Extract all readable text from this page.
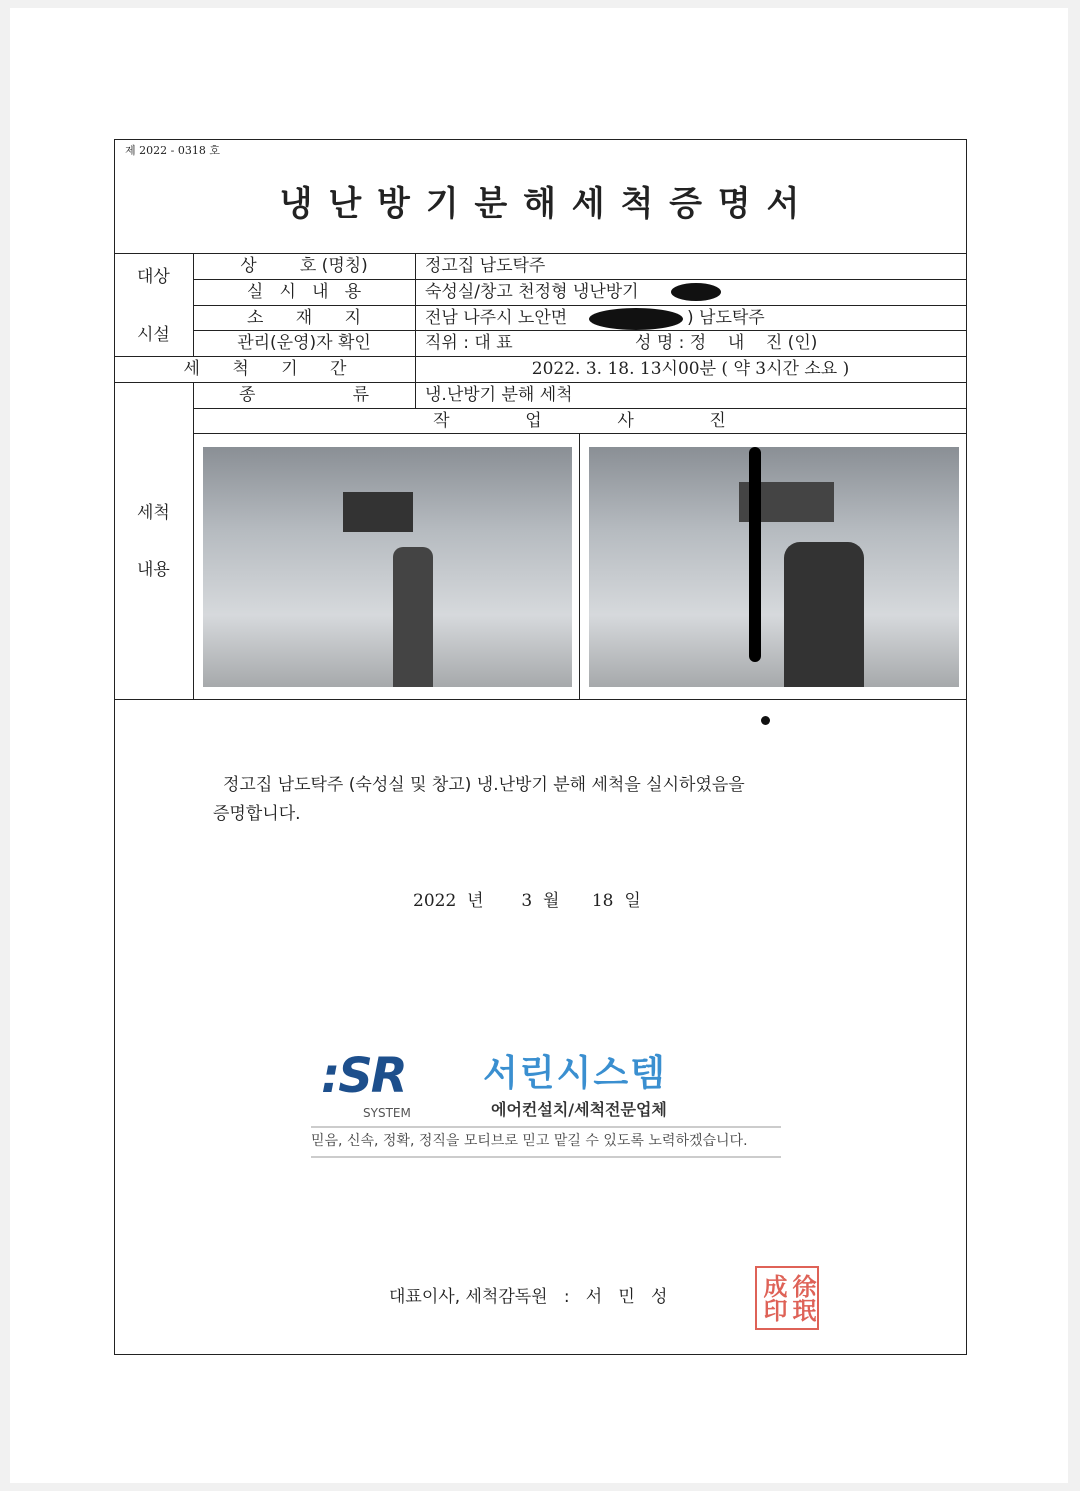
제 2022 - 0318 호
냉 난 방 기 분 해 세 척 증 명 서
대상
시설
상        호 (명칭)	정고집 남도탁주
실   시   내   용	숙성실/창고 천정형 냉난방기
소      재      지	전남 나주시 노안면	) 남도탁주
관리(운영)자 확인	직위 : 대 표	성 명 : 정    내    진 (인)
세      척      기      간	2022. 3. 18. 13시00분 ( 약 3시간 소요 )
세척
내용
종                  류	냉.난방기 분해 세척
작              업              사              진
정고집 남도탁주 (숙성실 및 창고) 냉.난방기 분해 세척을 실시하였음을
증명합니다.
2022 년 3 월 18 일
:SR
SYSTEM
서린시스템
에어컨설치/세척전문업체
믿음, 신속, 정확, 정직을 모티브로 믿고 맡길 수 있도록 노력하겠습니다.
대표이사, 세척감독원   :   서   민   성	徐珉成印
